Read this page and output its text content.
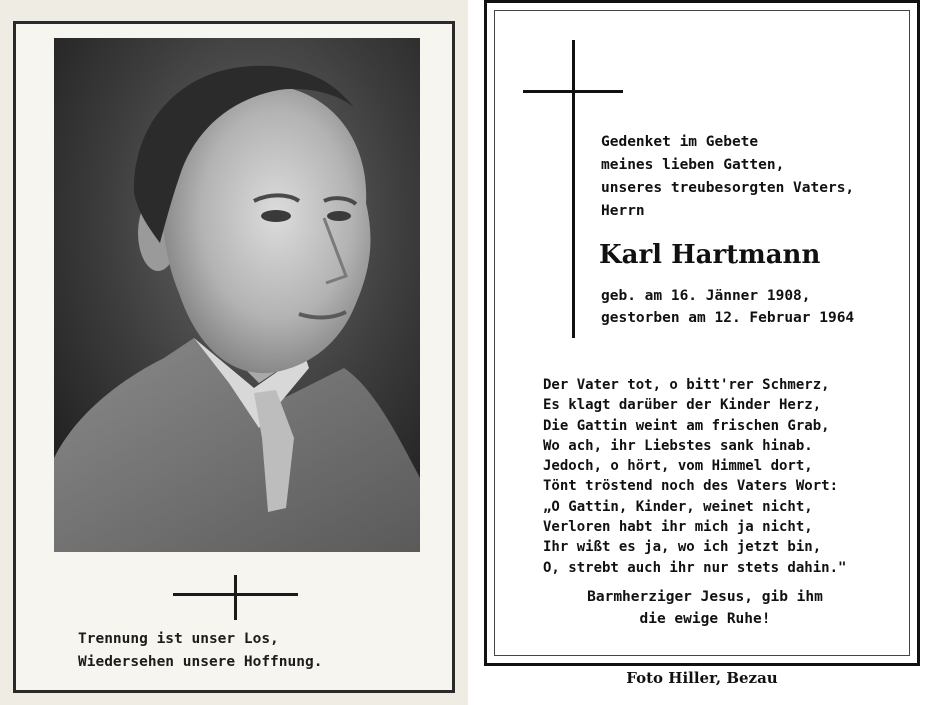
Trennung ist unser Los,
Wiedersehen unsere Hoffnung.
Gedenket im Gebete
meines lieben Gatten,
unseres treubesorgten Vaters,
Herrn
Karl Hartmann
geb. am 16. Jänner 1908,
gestorben am 12. Februar 1964
Der Vater tot, o bitt'rer Schmerz,
Es klagt darüber der Kinder Herz,
Die Gattin weint am frischen Grab,
Wo ach, ihr Liebstes sank hinab.
Jedoch, o hört, vom Himmel dort,
Tönt tröstend noch des Vaters Wort:
„O Gattin, Kinder, weinet nicht,
Verloren habt ihr mich ja nicht,
Ihr wißt es ja, wo ich jetzt bin,
O, strebt auch ihr nur stets dahin."
Barmherziger Jesus, gib ihm
die ewige Ruhe!
Foto Hiller, Bezau
